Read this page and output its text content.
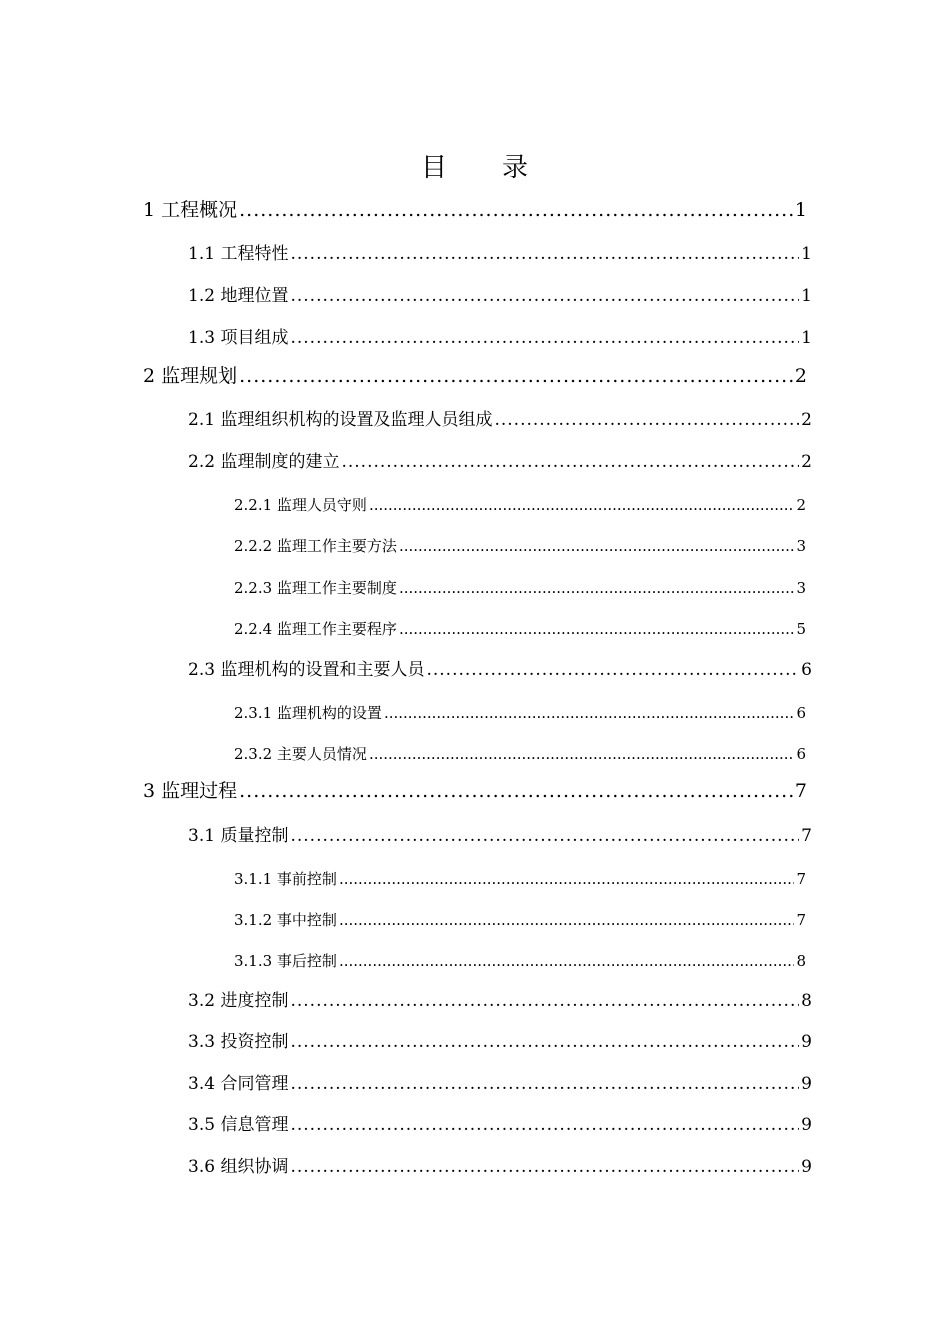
目　　录
1 工程概况 .....	1
1.1 工程特性 .....	1
1.2 地理位置 .....	1
1.3 项目组成 .....	1
2 监理规划 .....	2
2.1 监理组织机构的设置及监理人员组成 .....	2
2.2 监理制度的建立 .....	2
2.2.1 监理人员守则 .....	2
2.2.2 监理工作主要方法 .....	3
2.2.3 监理工作主要制度 .....	3
2.2.4 监理工作主要程序 .....	5
2.3 监理机构的设置和主要人员 .....	6
2.3.1 监理机构的设置 .....	6
2.3.2 主要人员情况 .....	6
3 监理过程 .....	7
3.1 质量控制 .....	7
3.1.1 事前控制 .....	7
3.1.2 事中控制 .....	7
3.1.3 事后控制 .....	8
3.2 进度控制 .....	8
3.3 投资控制 .....	9
3.4 合同管理 .....	9
3.5 信息管理 .....	9
3.6 组织协调 .....	9
